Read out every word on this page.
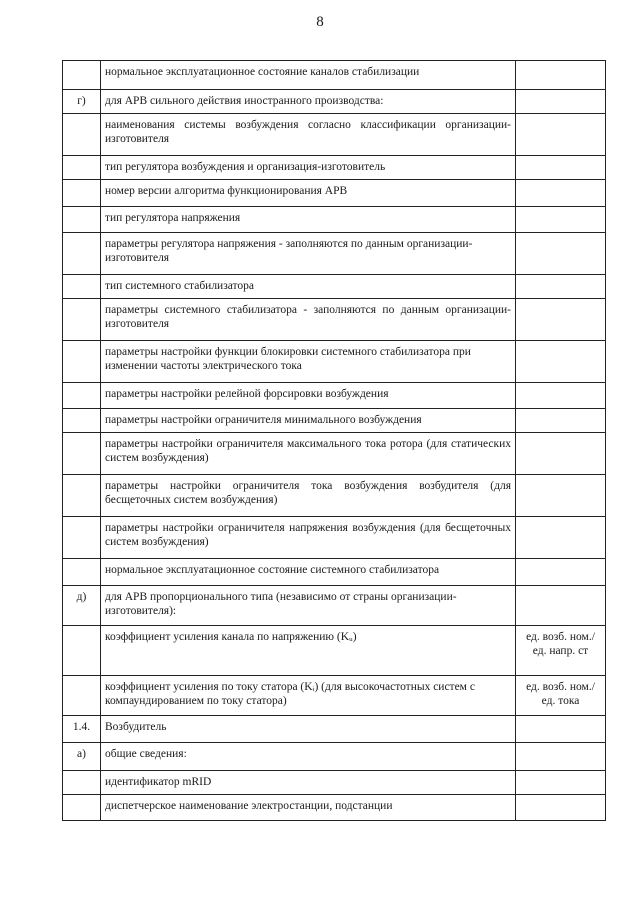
8
	нормальное эксплуатационное состояние каналов стабилизации	
г)	для АРВ сильного действия иностранного производства:	
	наименования системы возбуждения согласно классификации организации-изготовителя	
	тип регулятора возбуждения и организация-изготовитель	
	номер версии алгоритма функционирования АРВ	
	тип регулятора напряжения	
	параметры регулятора напряжения - заполняются по данным организации-изготовителя	
	тип системного стабилизатора	
	параметры системного стабилизатора - заполняются по данным организации-изготовителя	
	параметры настройки функции блокировки системного стабилизатора при изменении частоты электрического тока	
	параметры настройки релейной форсировки возбуждения	
	параметры настройки ограничителя минимального возбуждения	
	параметры настройки ограничителя максимального тока ротора (для статических систем возбуждения)	
	параметры настройки ограничителя тока возбуждения возбудителя (для бесщеточных систем возбуждения)	
	параметры настройки ограничителя напряжения возбуждения (для бесщеточных систем возбуждения)	
	нормальное эксплуатационное состояние системного стабилизатора	
д)	для АРВ пропорционального типа (независимо от страны организации-изготовителя):	
	коэффициент усиления канала по напряжению (Kᵤ)	ед. возб. ном./ед. напр. ст
	коэффициент усиления по току статора (Kᵢ) (для высокочастотных систем с компаундированием по току статора)	ед. возб. ном./ед. тока
1.4.	Возбудитель	
а)	общие сведения:	
	идентификатор mRID	
	диспетчерское наименование электростанции, подстанции	
